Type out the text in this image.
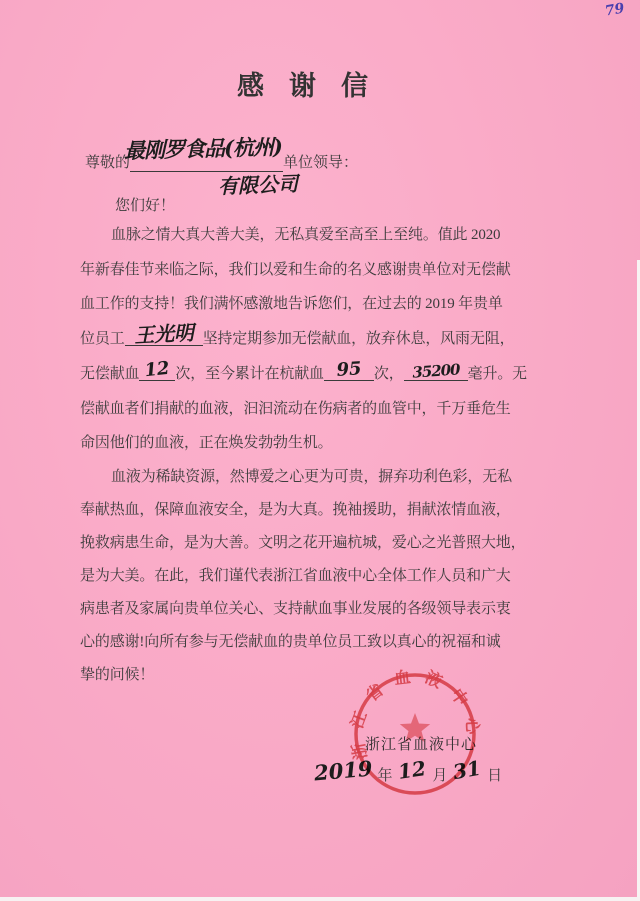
79
感谢信
尊敬的	单位领导：
最刚罗食品(杭州)
有限公司
您们好！
血脉之情大真大善大美，无私真爱至高至上至纯。值此 2020
年新春佳节来临之际，我们以爱和生命的名义感谢贵单位对无偿献
血工作的支持！我们满怀感激地告诉您们，在过去的 2019 年贵单
位员工 王光明 坚持定期参加无偿献血，放弃休息，风雨无阻，
无偿献血 12 次，至今累计在杭献血 95 次， 35200 毫升。无
偿献血者们捐献的血液，汩汩流动在伤病者的血管中，千万垂危生
命因他们的血液，正在焕发勃勃生机。
血液为稀缺资源，然博爱之心更为可贵，摒弃功利色彩，无私
奉献热血，保障血液安全，是为大真。挽袖援助，捐献浓情血液，
挽救病患生命，是为大善。文明之花开遍杭城，爱心之光普照大地，
是为大美。在此，我们谨代表浙江省血液中心全体工作人员和广大
病患者及家属向贵单位关心、支持献血事业发展的各级领导表示衷
心的感谢!向所有参与无偿献血的贵单位员工致以真心的祝福和诚
挚的问候！
浙江省血液中心
2019 年 12 月 31 日
浙江省血液中心
